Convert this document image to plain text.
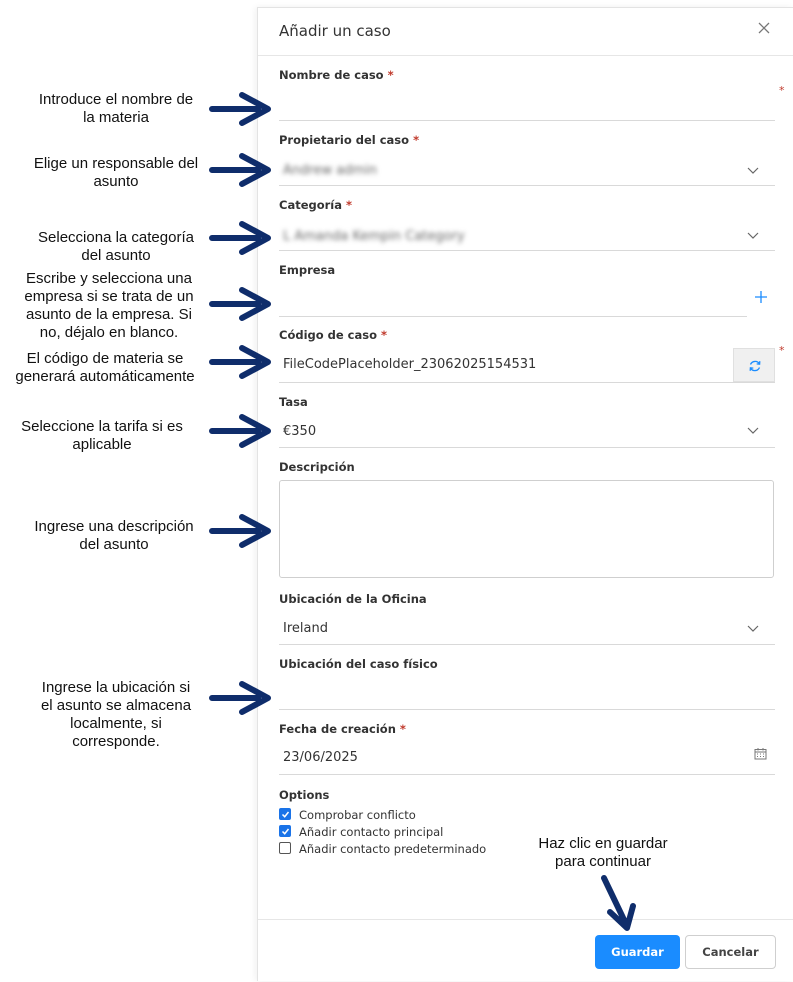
Añadir un caso
Nombre de caso *
*
Propietario del caso *
Andrew admin
Categoría *
L Amanda Kempin Category
Empresa
Código de caso *
FileCodePlaceholder_23062025154531
*
Tasa
€350
Descripción
Ubicación de la Oficina
Ireland
Ubicación del caso físico
Fecha de creación *
23/06/2025
Options
Comprobar conflicto
Añadir contacto principal
Añadir contacto predeterminado
Guardar	Cancelar
Introduce el nombre de
la materia
Elige un responsable del
asunto
Selecciona la categoría
del asunto
Escribe y selecciona una
empresa si se trata de un
asunto de la empresa. Si
no, déjalo en blanco.
El código de materia se
generará automáticamente
Seleccione la tarifa si es
aplicable
Ingrese una descripción
del asunto
Ingrese la ubicación si
el asunto se almacena
localmente, si
corresponde.
Haz clic en guardar
para continuar
